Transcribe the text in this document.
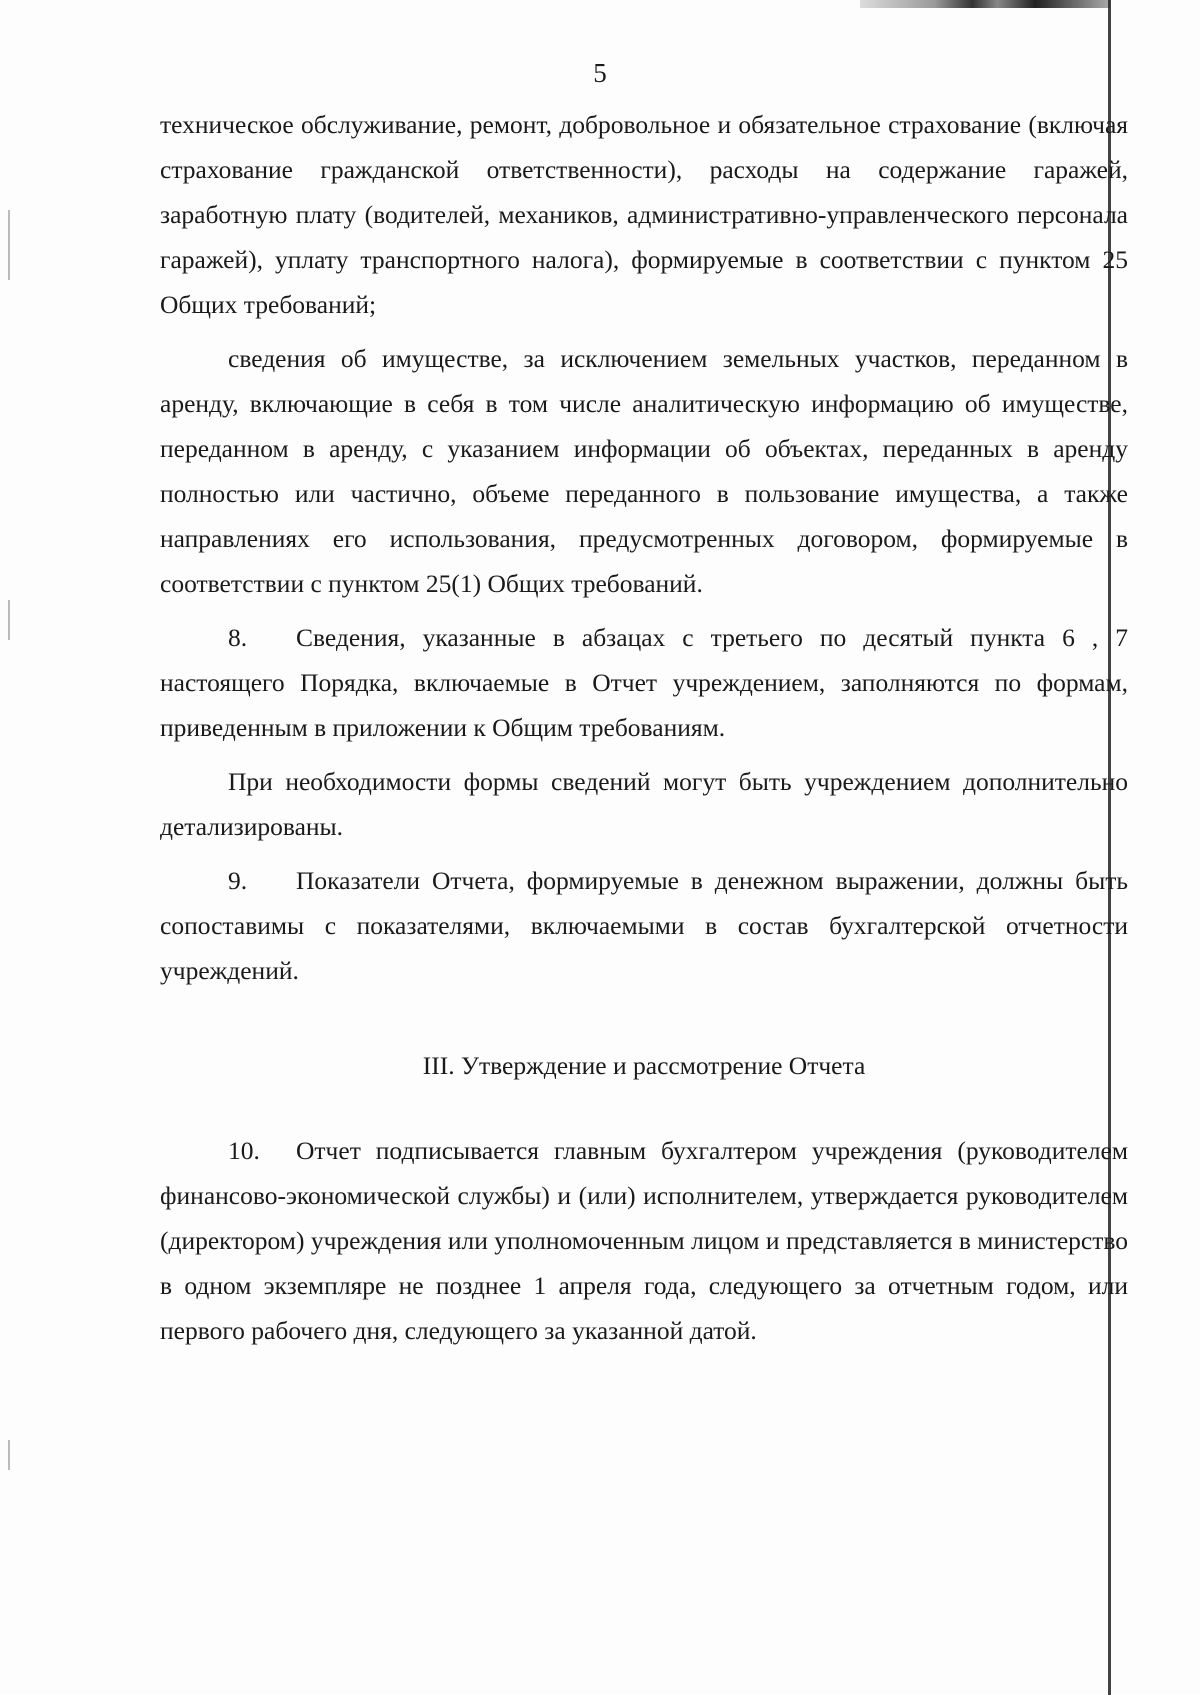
5

техническое обслуживание, ремонт, добровольное и обязательное страхование (включая страхование гражданской ответственности), расходы на содержание гаражей, заработную плату (водителей, механиков, административно-управленческого персонала гаражей), уплату транспортного налога), формируемые в соответствии с пунктом 25 Общих требований;

сведения об имуществе, за исключением земельных участков, переданном в аренду, включающие в себя в том числе аналитическую информацию об имуществе, переданном в аренду, с указанием информации об объектах, переданных в аренду полностью или частично, объеме переданного в пользование имущества, а также направлениях его использования, предусмотренных договором, формируемые в соответствии с пунктом 25(1) Общих требований.

8. Сведения, указанные в абзацах с третьего по десятый пункта 6 , 7 настоящего Порядка, включаемые в Отчет учреждением, заполняются по формам, приведенным в приложении к Общим требованиям.

При необходимости формы сведений могут быть учреждением дополнительно детализированы.

9. Показатели Отчета, формируемые в денежном выражении, должны быть сопоставимы с показателями, включаемыми в состав бухгалтерской отчетности учреждений.

III. Утверждение и рассмотрение Отчета

10. Отчет подписывается главным бухгалтером учреждения (руководителем финансово-экономической службы) и (или) исполнителем, утверждается руководителем (директором) учреждения или уполномоченным лицом и представляется в министерство в одном экземпляре не позднее 1 апреля года, следующего за отчетным годом, или первого рабочего дня, следующего за указанной датой.
